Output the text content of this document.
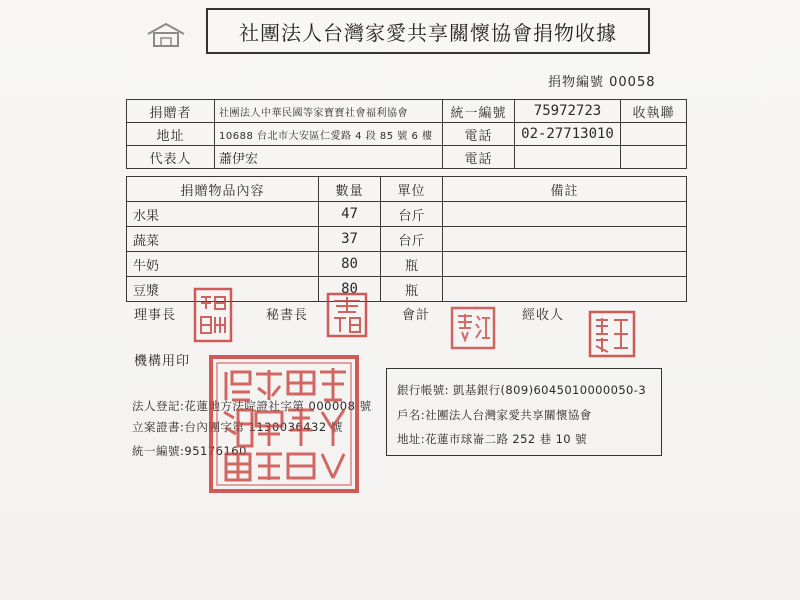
社團法人台灣家愛共享關懷協會捐物收據
捐物編號 00058
捐贈者	社團法人中華民國等家寶寶社會福利協會	統一編號	75972723	收執聯
地址	10688 台北市大安區仁愛路 4 段 85 號 6 樓	電話	02-27713010	
代表人	蕭伊宏	電話		
捐贈物品內容	數量	單位	備註
水果	47	台斤	
蔬菜	37	台斤	
牛奶	80	瓶	
豆漿	80	瓶	
理事長	秘書長	會計	經收人
機構用印
法人登記:花蓮地方法院證社字第 000008 號
立案證書:台內團字第 1130036432 號
統一編號:95176160
銀行帳號: 凱基銀行(809)6045010000050-3
戶名:社團法人台灣家愛共享關懷協會
地址:花蓮市球崙二路 252 巷 10 號
